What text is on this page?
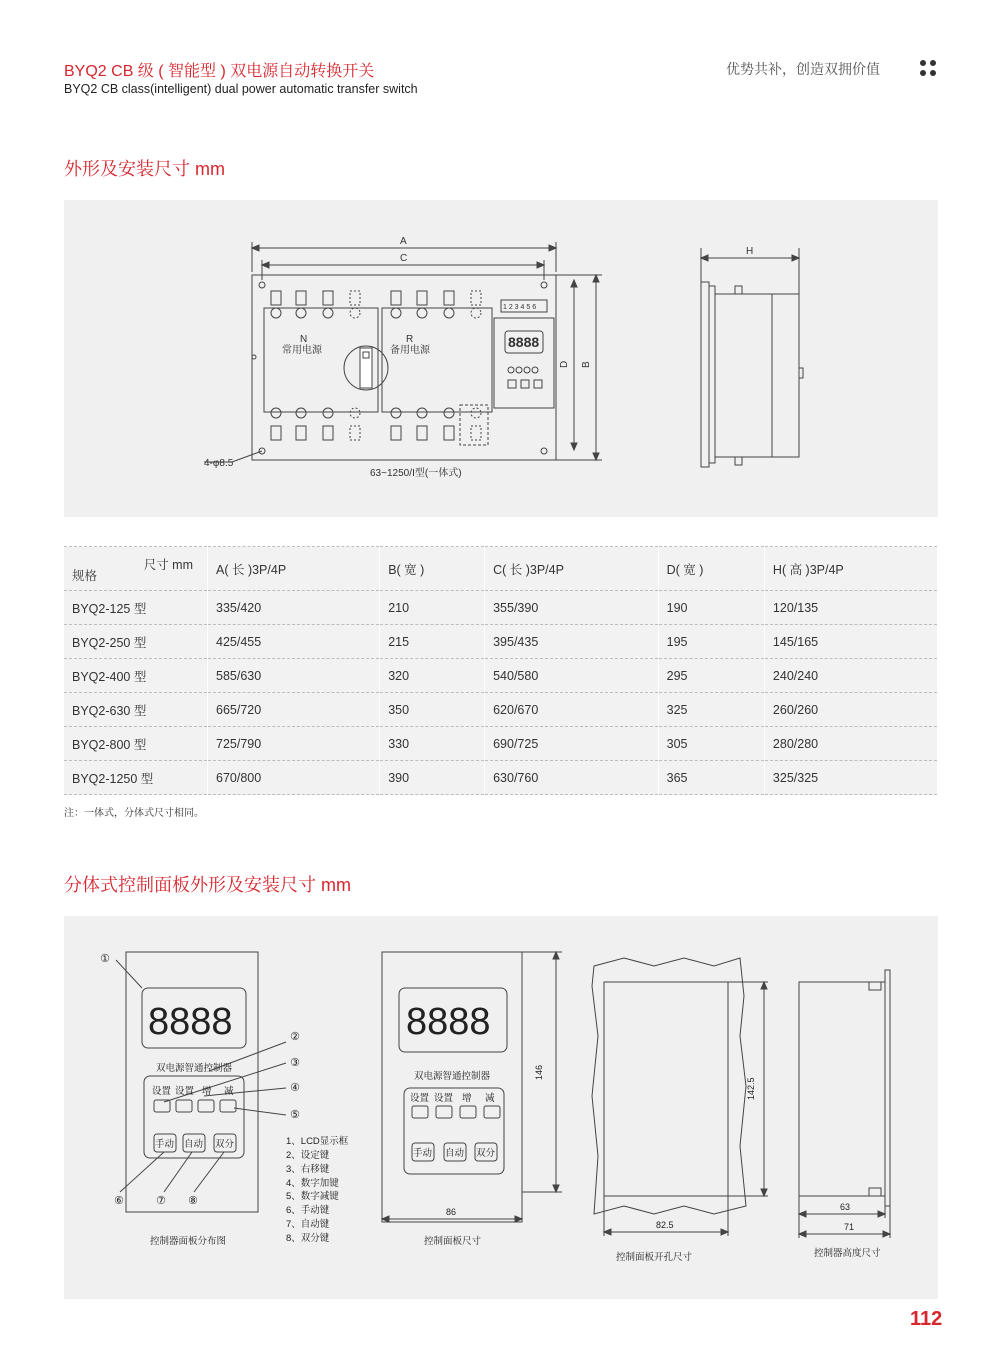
BYQ2 CB 级 ( 智能型 ) 双电源自动转换开关
BYQ2 CB class(intelligent) dual power automatic transfer switch
优势共补，创造双拥价值
外形及安装尺寸 mm
A
C
D B
H
N
常用电源
R
备用电源
8888
1 2 3 4 5 6
4-φ8.5
63~1250/Ⅰ型(一体式)
尺寸 mm
规格	A( 长 )3P/4P	B( 宽 )	C( 长 )3P/4P	D( 宽 )	H( 高 )3P/4P
BYQ2-125 型	335/420	210	355/390	190	120/135
BYQ2-250 型	425/455	215	395/435	195	145/165
BYQ2-400 型	585/630	320	540/580	295	240/240
BYQ2-630 型	665/720	350	620/670	325	260/260
BYQ2-800 型	725/790	330	690/725	305	280/280
BYQ2-1250 型	670/800	390	630/760	365	325/325
注：一体式，分体式尺寸相同。
分体式控制面板外形及安装尺寸 mm
8888
双电源智通控制器
设置 设置 增 减
手动 自动 双分
①
②
③
④
⑤
⑥	⑦ ⑧
1、LCD显示框
2、设定键
3、右移键
4、数字加键
5、数字减键
6、手动键
7、自动键
8、双分键
控制器面板分布图
8888
双电源智通控制器
设置 设置 增 减
手动 自动 双分
146
86
控制面板尺寸
142.5
82.5
控制面板开孔尺寸
63
71
控制器高度尺寸
112
